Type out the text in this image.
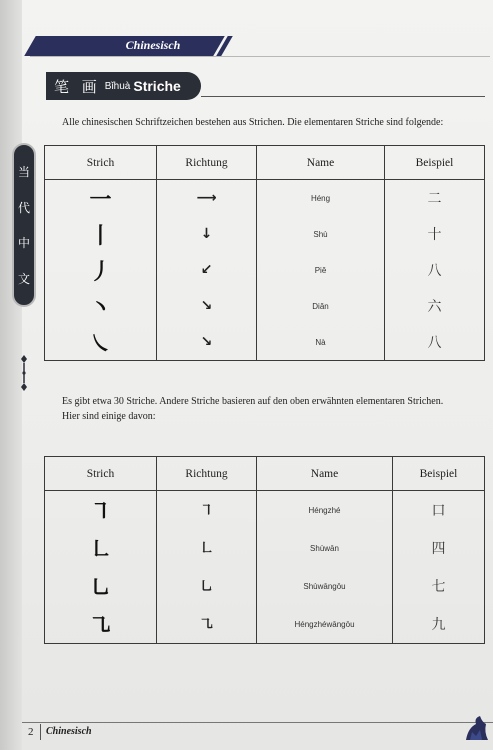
Chinesisch
笔 画 Bǐhuà Striche
当
代
中
文
Alle chinesischen Schriftzeichen bestehen aus Strichen. Die elementaren Striche sind folgende:
Strich	Richtung	Name	Beispiel
一	⟶	Héng	二
丨	↓	Shù	十
丿	↙	Piě	八
丶	↘	Diǎn	六
㇏	↘	Nà	八
Es gibt etwa 30 Striche. Andere Striche basieren auf den oben erwähnten elementaren Strichen.
Hier sind einige davon:
Strich	Richtung	Name	Beispiel
㇕	㇕	Héngzhé	口
㇗	㇗	Shùwān	四
㇟	㇟	Shùwāngōu	七
㇈	㇈	Héngzhéwāngōu	九
2 Chinesisch
